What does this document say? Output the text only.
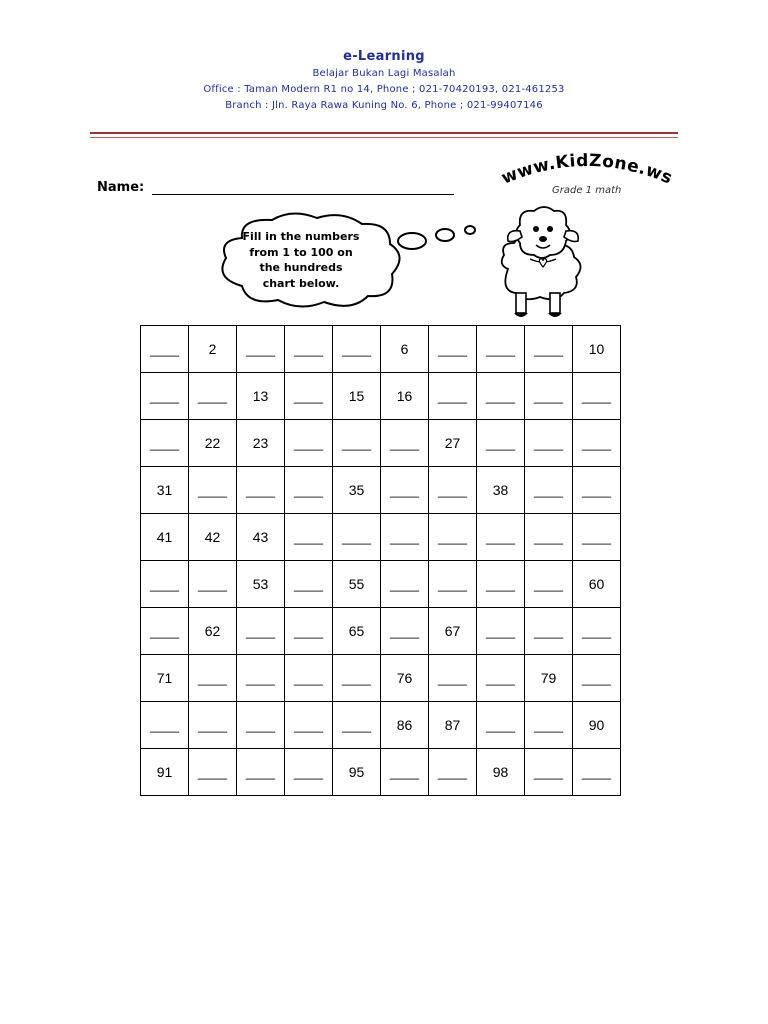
e-Learning
Belajar Bukan Lagi Masalah
Office : Taman Modern R1 no 14, Phone ; 021-70420193, 021-461253
Branch : Jln. Raya Rawa Kuning No. 6, Phone ; 021-99407146
Name:	www.KidZone.ws
Grade 1 math
Fill in the numbers
from 1 to 100 on
the hundreds
chart below.
____	2	____	____	____	6	____	____	____	10
____	____	13	____	15	16	____	____	____	____
____	22	23	____	____	____	27	____	____	____
31	____	____	____	35	____	____	38	____	____
41	42	43	____	____	____	____	____	____	____
____	____	53	____	55	____	____	____	____	60
____	62	____	____	65	____	67	____	____	____
71	____	____	____	____	76	____	____	79	____
____	____	____	____	____	86	87	____	____	90
91	____	____	____	95	____	____	98	____	____
